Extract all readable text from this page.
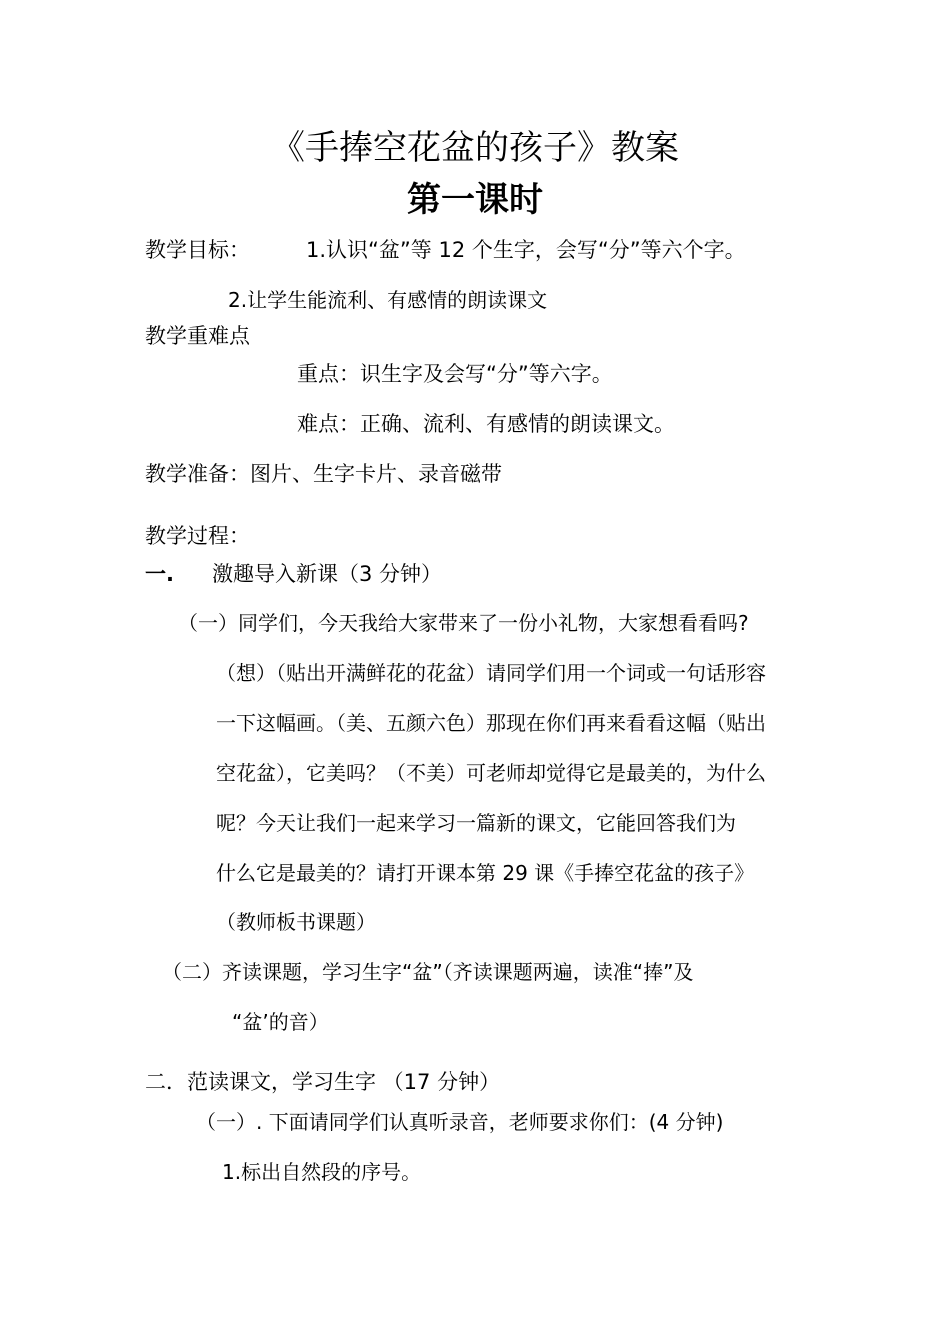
《手捧空花盆的孩子》教案
第一课时
教学目标：	1.认识“盆”等 12 个生字，会写“分”等六个字。
2.让学生能流利、有感情的朗读课文
教学重难点
重点：识生字及会写“分”等六字。
难点：正确、流利、有感情的朗读课文。
教学准备：图片、生字卡片、录音磁带
教学过程：
一. 激趣导入新课（3 分钟）
（一） 同学们，今天我给大家带来了一份小礼物，大家想看看吗?
（想）（贴出开满鲜花的花盆）请同学们用一个词或一句话形容
一下这幅画。（美、五颜六色）那现在你们再来看看这幅（贴出
空花盆），它美吗？（不美）可老师却觉得它是最美的，为什么
呢？今天让我们一起来学习一篇新的课文，它能回答我们为
什么它是最美的？请打开课本第 29 课《手捧空花盆的孩子》
（教师板书课题）
（二） 齐读课题，学习生字“盆”（齐读课题两遍，读准“捧”及
“盆’的音）
二．范读课文，学习生字 （17 分钟）
（一）. 下面请同学们认真听录音，老师要求你们：(4 分钟)
1.标出自然段的序号。
